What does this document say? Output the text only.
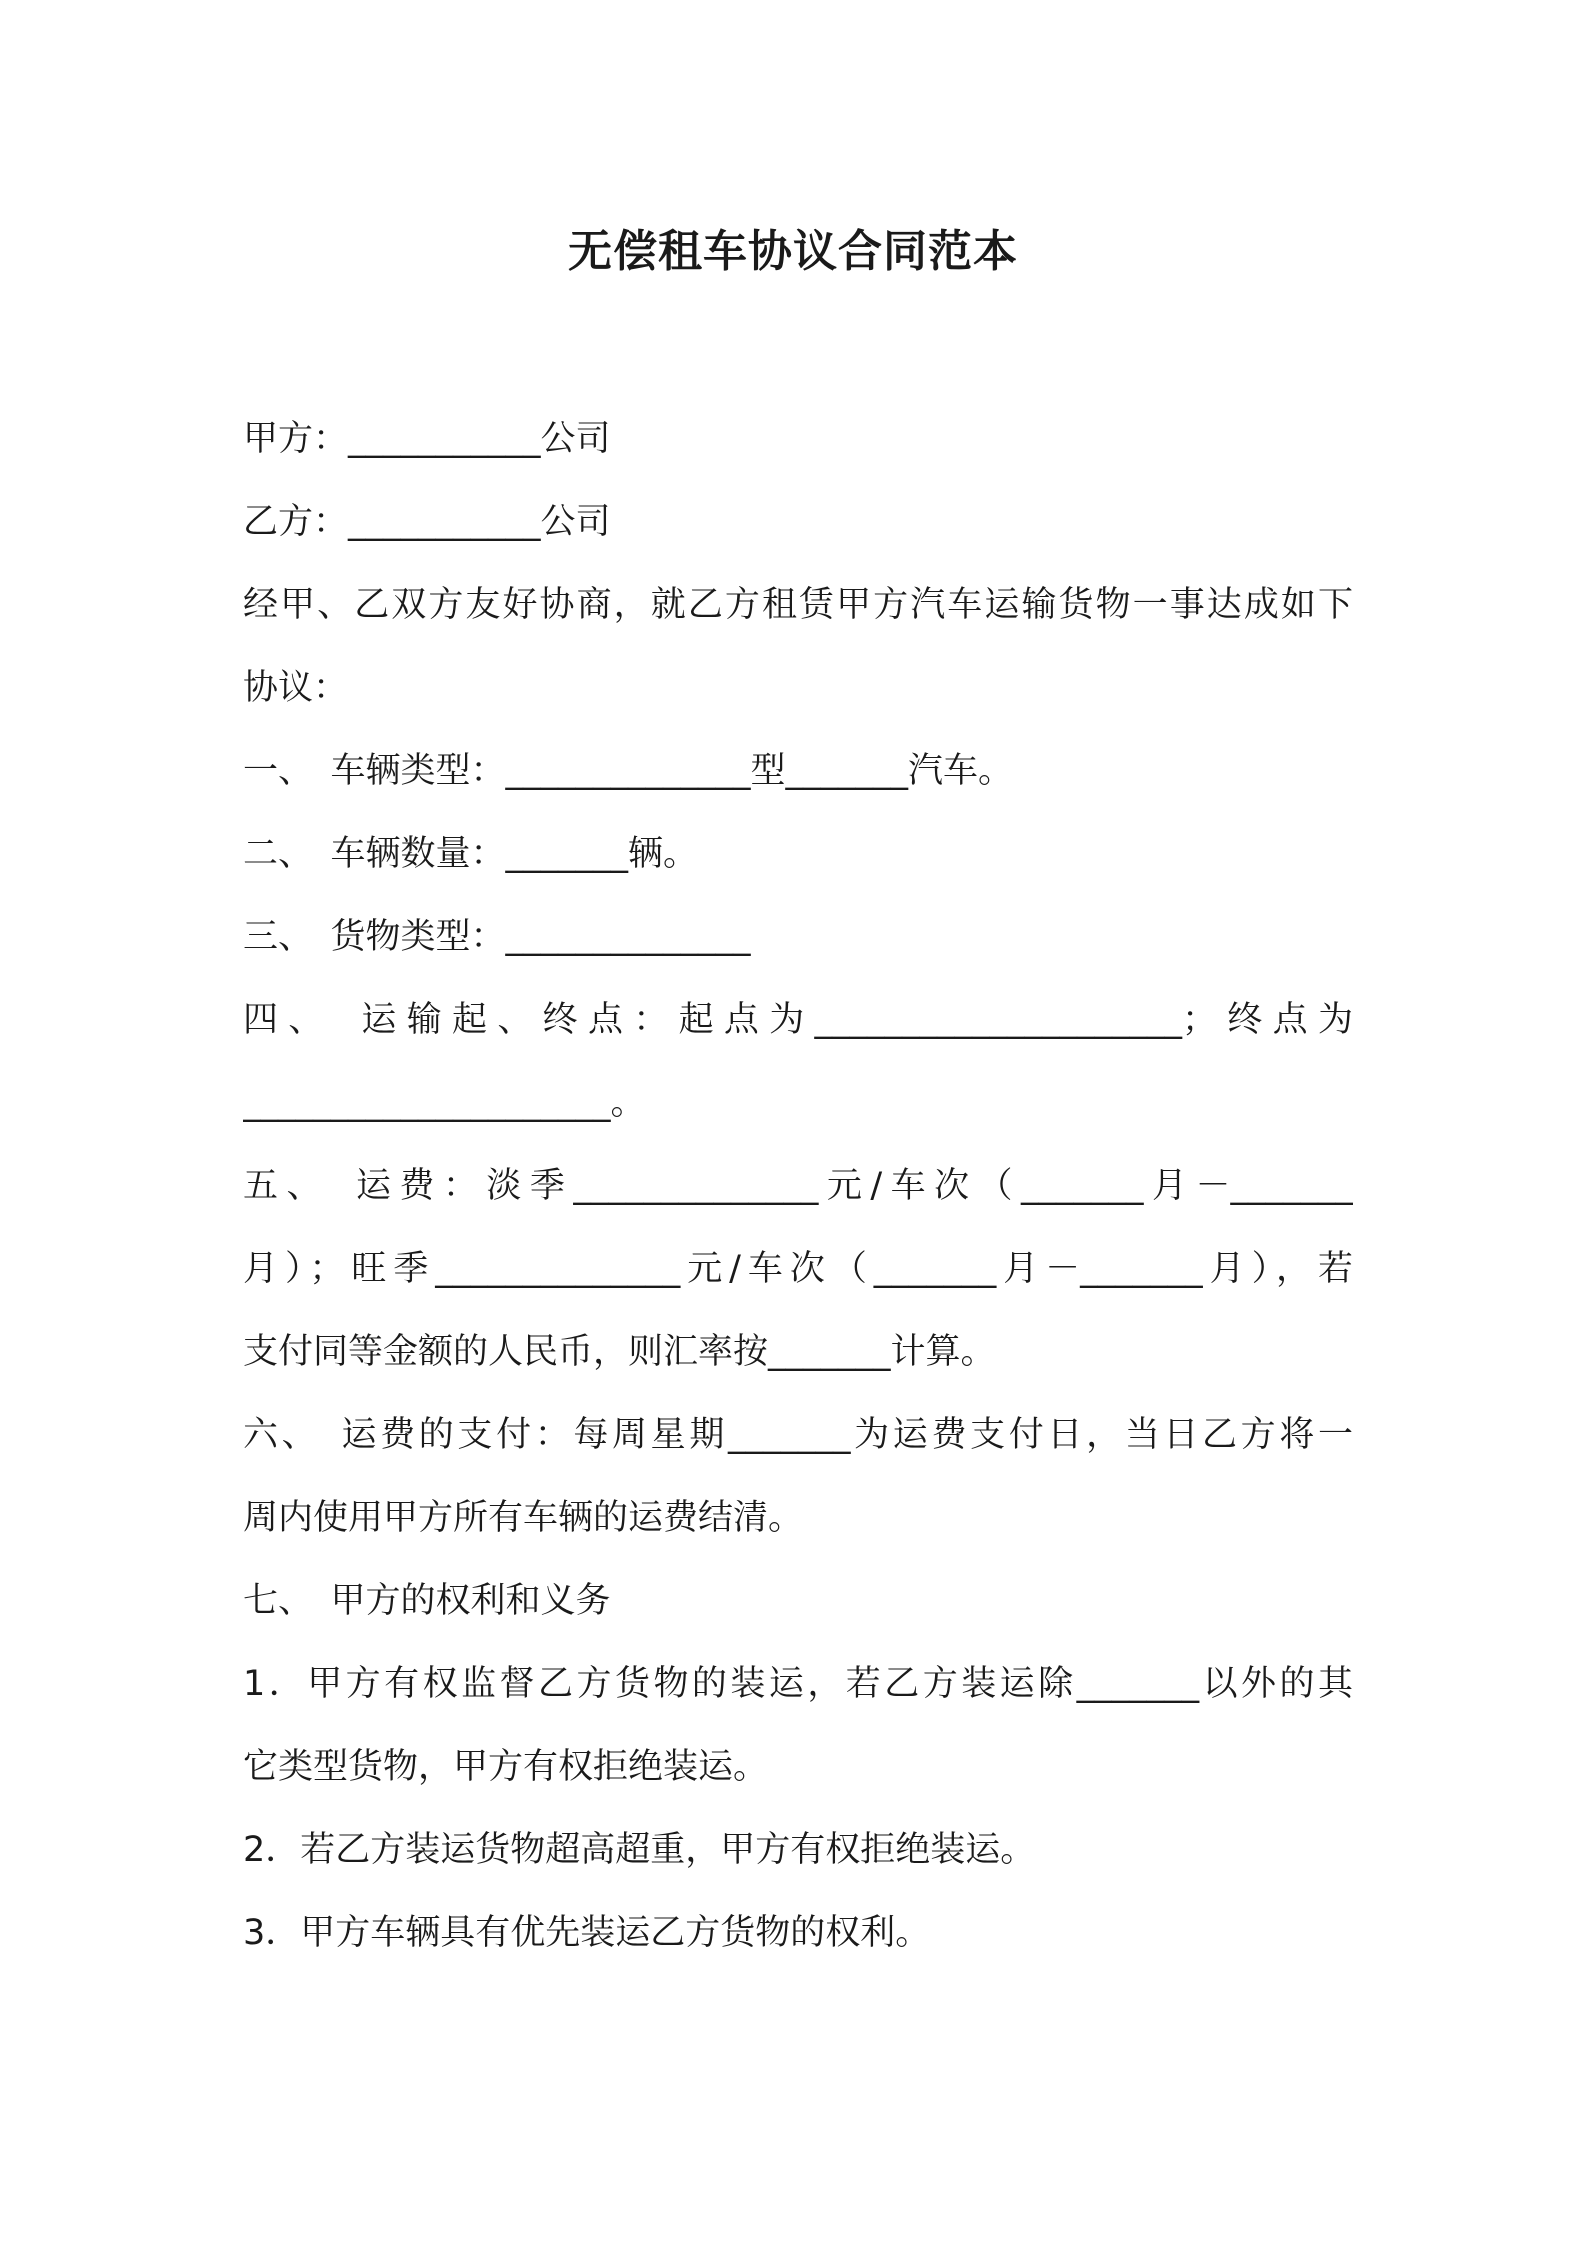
无偿租车协议合同范本
甲方：___________公司
乙方：___________公司
经甲、乙双方友好协商，就乙方租赁甲方汽车运输货物一事达成如下
协议：
一、　车辆类型：______________型_______汽车。
二、　车辆数量：_______辆。
三、　货物类型：______________
四、　运输起、终点：起点为_____________________；终点为
_____________________。
五、　运费：淡季______________元/车次（_______月－_______
月）；旺季______________元/车次（_______月－_______月），若
支付同等金额的人民币，则汇率按_______计算。
六、　运费的支付：每周星期_______为运费支付日，当日乙方将一
周内使用甲方所有车辆的运费结清。
七、　甲方的权利和义务
1．甲方有权监督乙方货物的装运，若乙方装运除_______以外的其
它类型货物，甲方有权拒绝装运。
2．若乙方装运货物超高超重，甲方有权拒绝装运。
3．甲方车辆具有优先装运乙方货物的权利。
